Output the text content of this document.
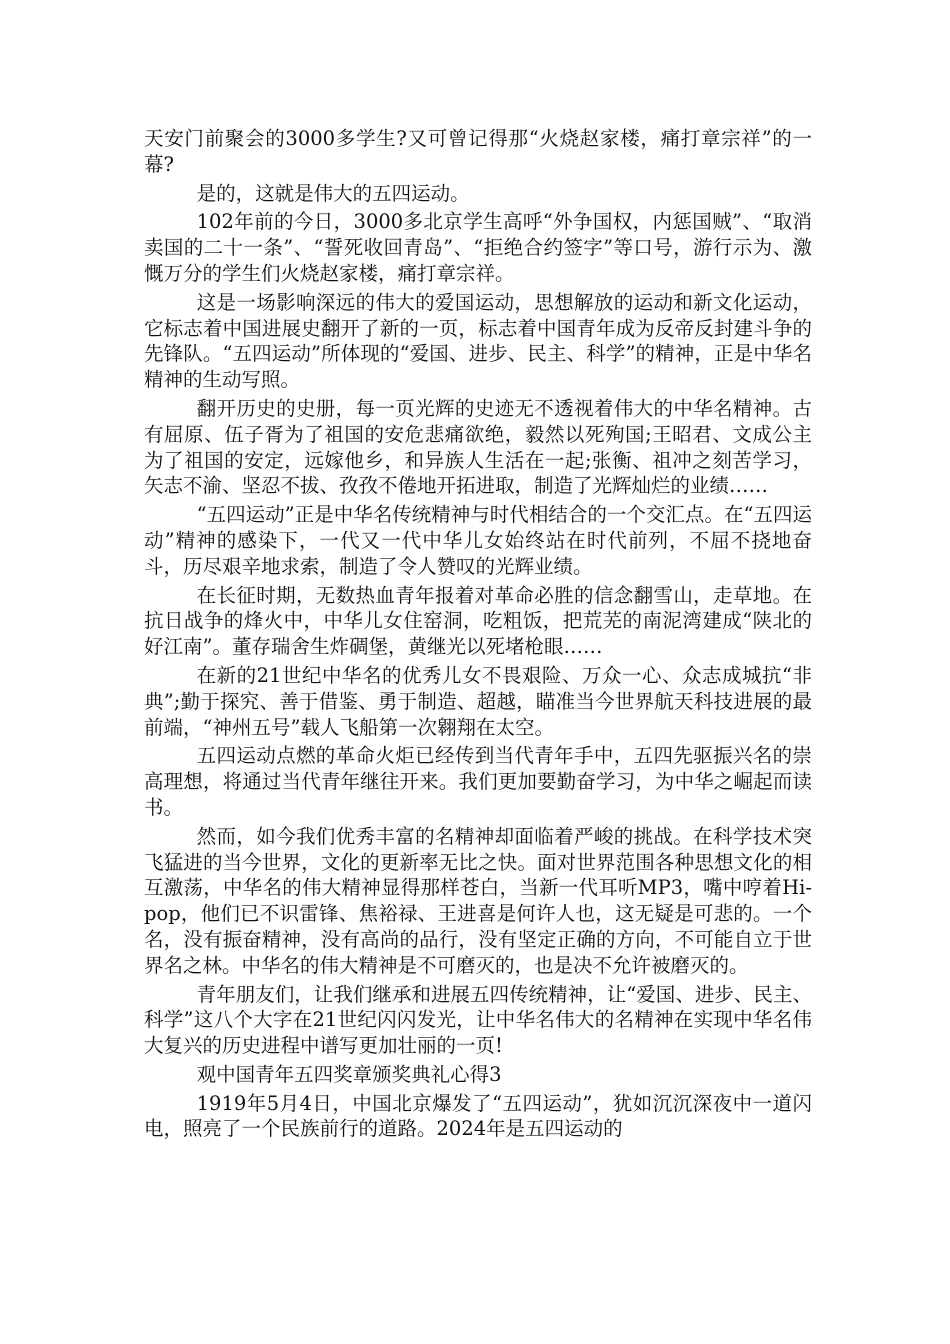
天安门前聚会的3000多学生?又可曾记得那“火烧赵家楼，痛打章宗祥”的一幕?

是的，这就是伟大的五四运动。

102年前的今日，3000多北京学生高呼“外争国权，内惩国贼”、“取消卖国的二十一条”、“誓死收回青岛”、“拒绝合约签字”等口号，游行示为、激慨万分的学生们火烧赵家楼，痛打章宗祥。

这是一场影响深远的伟大的爱国运动，思想解放的运动和新文化运动，它标志着中国进展史翻开了新的一页，标志着中国青年成为反帝反封建斗争的先锋队。“五四运动”所体现的“爱国、进步、民主、科学”的精神，正是中华名精神的生动写照。

翻开历史的史册，每一页光辉的史迹无不透视着伟大的中华名精神。古有屈原、伍子胥为了祖国的安危悲痛欲绝，毅然以死殉国;王昭君、文成公主为了祖国的安定，远嫁他乡，和异族人生活在一起;张衡、祖冲之刻苦学习，矢志不渝、坚忍不拔、孜孜不倦地开拓进取，制造了光辉灿烂的业绩……

“五四运动”正是中华名传统精神与时代相结合的一个交汇点。在“五四运动”精神的感染下，一代又一代中华儿女始终站在时代前列，不屈不挠地奋斗，历尽艰辛地求索，制造了令人赞叹的光辉业绩。

在长征时期，无数热血青年报着对革命必胜的信念翻雪山，走草地。在抗日战争的烽火中，中华儿女住窑洞，吃粗饭，把荒芜的南泥湾建成“陕北的好江南”。董存瑞舍生炸碉堡，黄继光以死堵枪眼……

在新的21世纪中华名的优秀儿女不畏艰险、万众一心、众志成城抗“非典”;勤于探究、善于借鉴、勇于制造、超越，瞄准当今世界航天科技进展的最前端，“神州五号”载人飞船第一次翱翔在太空。

五四运动点燃的革命火炬已经传到当代青年手中，五四先驱振兴名的崇高理想，将通过当代青年继往开来。我们更加要勤奋学习，为中华之崛起而读书。

然而，如今我们优秀丰富的名精神却面临着严峻的挑战。在科学技术突飞猛进的当今世界，文化的更新率无比之快。面对世界范围各种思想文化的相互激荡，中华名的伟大精神显得那样苍白，当新一代耳听MP3，嘴中哼着Hi-pop，他们已不识雷锋、焦裕禄、王进喜是何许人也，这无疑是可悲的。一个名，没有振奋精神，没有高尚的品行，没有坚定正确的方向，不可能自立于世界名之林。中华名的伟大精神是不可磨灭的，也是决不允许被磨灭的。

青年朋友们，让我们继承和进展五四传统精神，让“爱国、进步、民主、科学”这八个大字在21世纪闪闪发光，让中华名伟大的名精神在实现中华名伟大复兴的历史进程中谱写更加壮丽的一页!

观中国青年五四奖章颁奖典礼心得3

1919年5月4日，中国北京爆发了“五四运动”，犹如沉沉深夜中一道闪电，照亮了一个民族前行的道路。2024年是五四运动的
